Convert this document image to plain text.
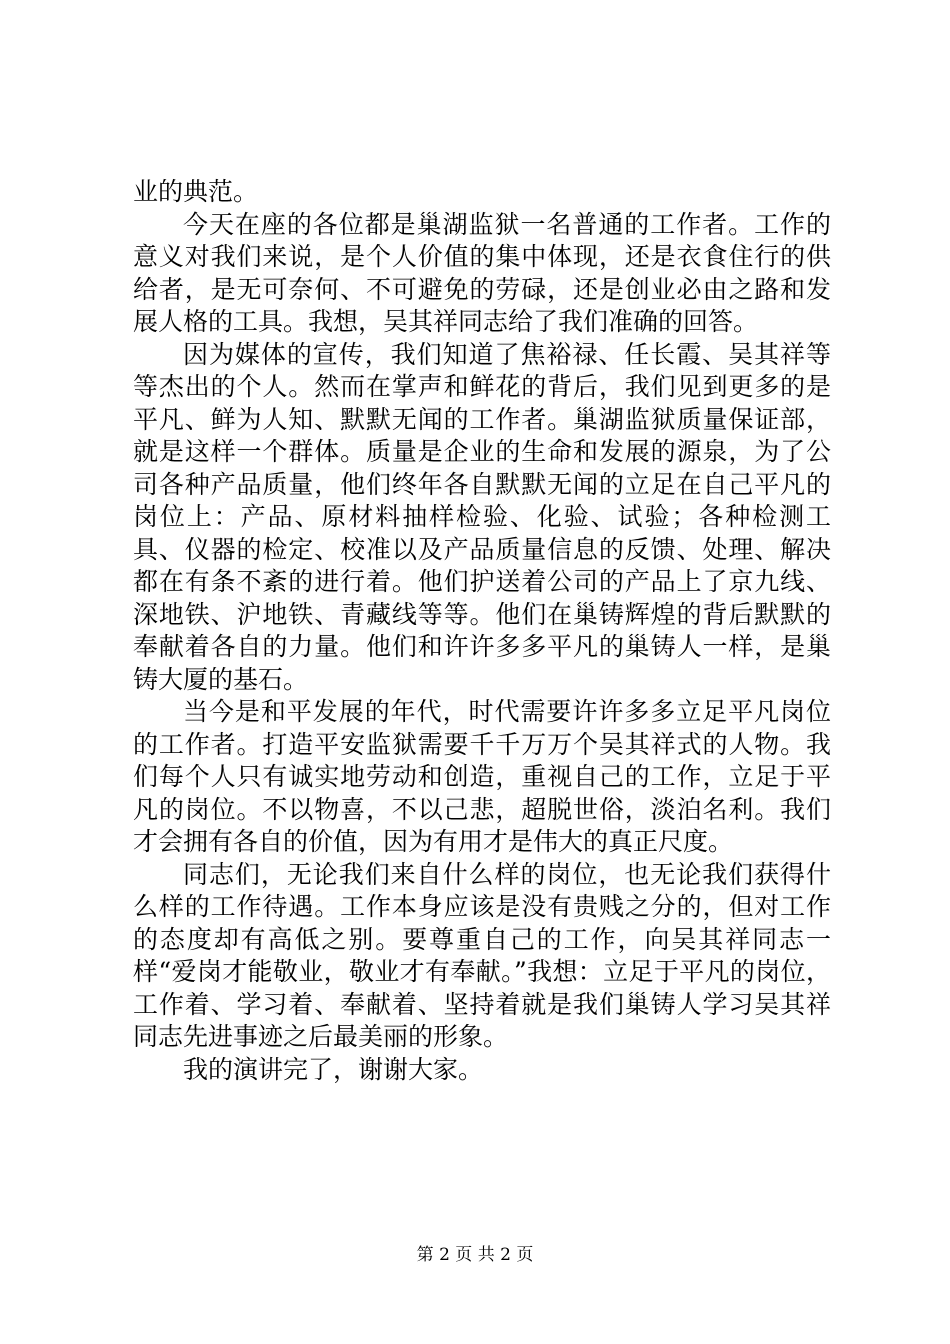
业的典范。

今天在座的各位都是巢湖监狱一名普通的工作者。工作的意义对我们来说，是个人价值的集中体现，还是衣食住行的供给者，是无可奈何、不可避免的劳碌，还是创业必由之路和发展人格的工具。我想，吴其祥同志给了我们准确的回答。

因为媒体的宣传，我们知道了焦裕禄、任长霞、吴其祥等等杰出的个人。然而在掌声和鲜花的背后，我们见到更多的是平凡、鲜为人知、默默无闻的工作者。巢湖监狱质量保证部，就是这样一个群体。质量是企业的生命和发展的源泉，为了公司各种产品质量，他们终年各自默默无闻的立足在自己平凡的岗位上：产品、原材料抽样检验、化验、试验；各种检测工具、仪器的检定、校准以及产品质量信息的反馈、处理、解决都在有条不紊的进行着。他们护送着公司的产品上了京九线、深地铁、沪地铁、青藏线等等。他们在巢铸辉煌的背后默默的奉献着各自的力量。他们和许许多多平凡的巢铸人一样，是巢铸大厦的基石。

当今是和平发展的年代，时代需要许许多多立足平凡岗位的工作者。打造平安监狱需要千千万万个吴其祥式的人物。我们每个人只有诚实地劳动和创造，重视自己的工作，立足于平凡的岗位。不以物喜，不以己悲，超脱世俗，淡泊名利。我们才会拥有各自的价值，因为有用才是伟大的真正尺度。

同志们，无论我们来自什么样的岗位，也无论我们获得什么样的工作待遇。工作本身应该是没有贵贱之分的，但对工作的态度却有高低之别。要尊重自己的工作，向吴其祥同志一样“爱岗才能敬业，敬业才有奉献。”我想：立足于平凡的岗位，工作着、学习着、奉献着、坚持着就是我们巢铸人学习吴其祥同志先进事迹之后最美丽的形象。

我的演讲完了，谢谢大家。

第 2 页 共 2 页
